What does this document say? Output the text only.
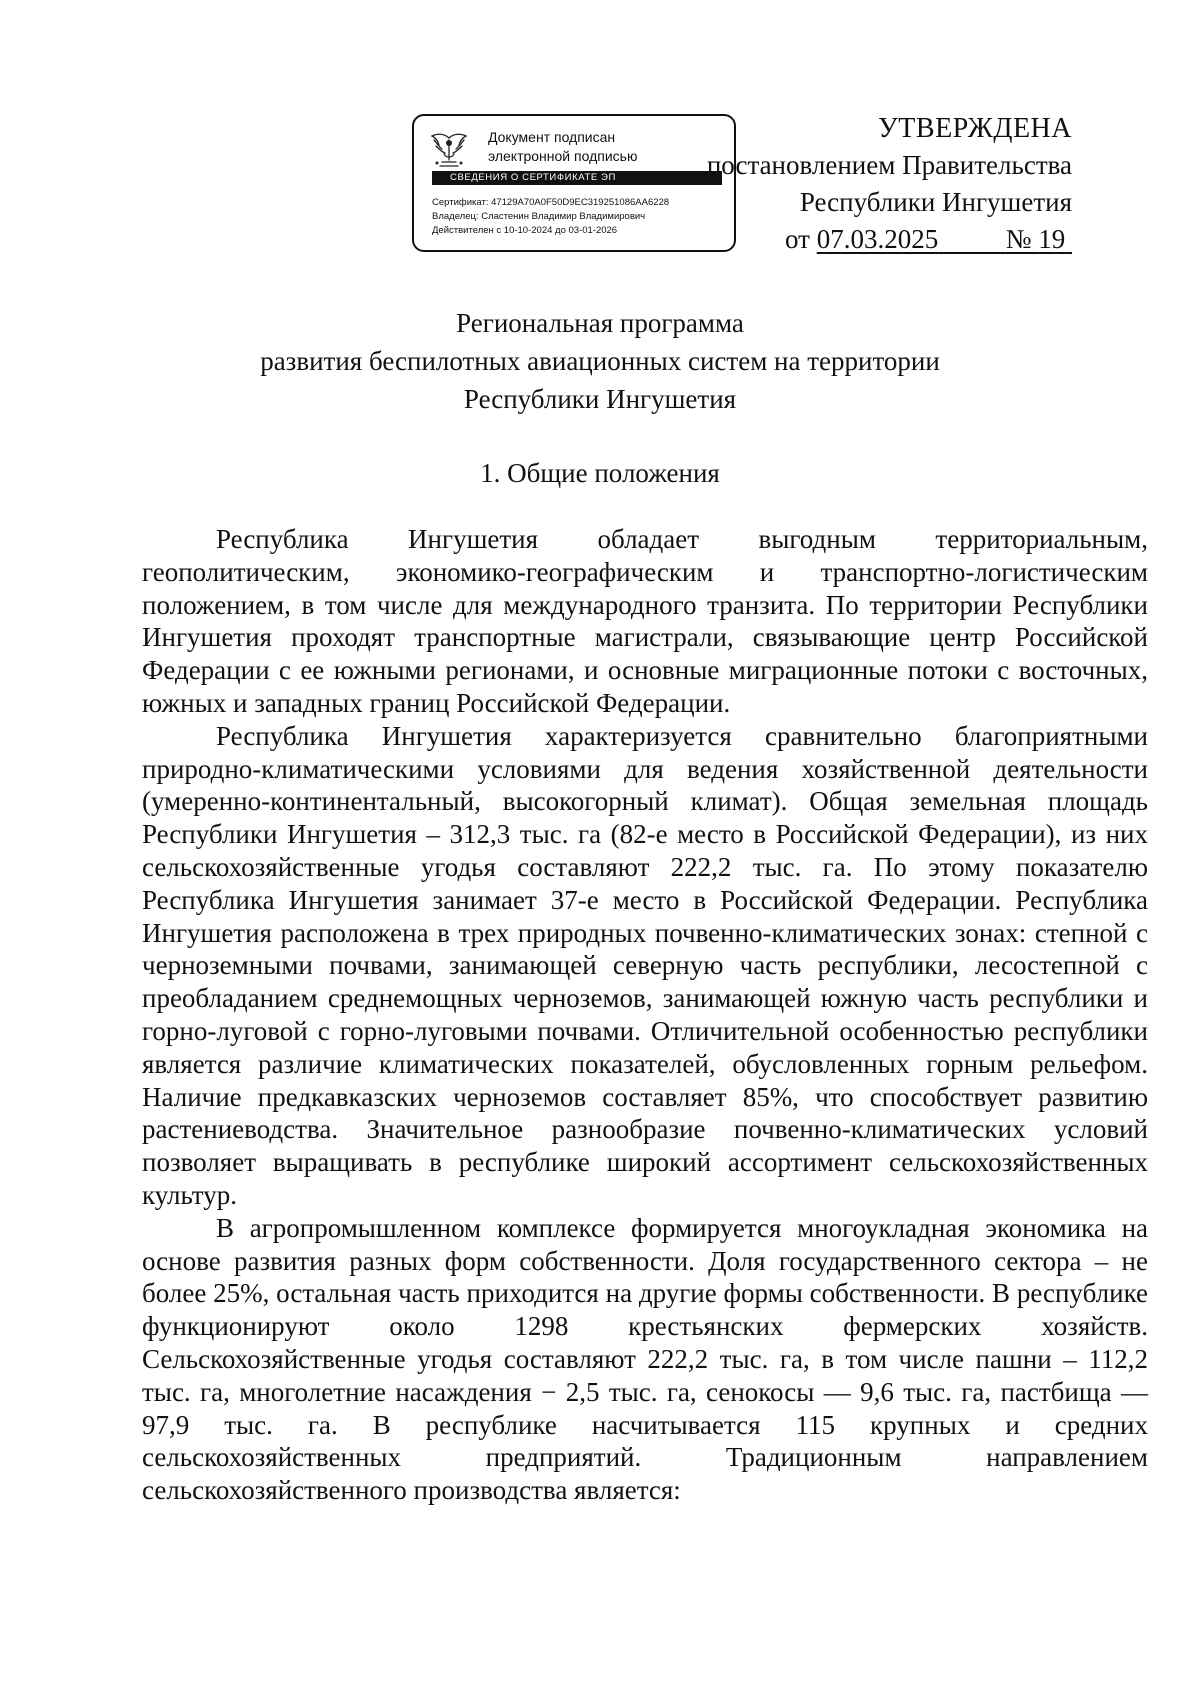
Документ подписан
электронной подписью
СВЕДЕНИЯ О СЕРТИФИКАТЕ ЭП
Сертификат: 47129A70A0F50D9EC319251086AA6228
Владелец: Сластенин Владимир Владимирович
Действителен с 10-10-2024 до 03-01-2026
УТВЕРЖДЕНА
постановлением Правительства
Республики Ингушетия
от 07.03.2025	№ 19
Региональная программа
развития беспилотных авиационных систем на территории
Республики Ингушетия
1. Общие положения

Республика Ингушетия обладает выгодным территориальным, геополитическим, экономико-географическим и транспортно-логистическим положением, в том числе для международного транзита. По территории Республики Ингушетия проходят транспортные магистрали, связывающие центр Российской Федерации с ее южными регионами, и основные миграционные потоки с восточных, южных и западных границ Российской Федерации.

Республика Ингушетия характеризуется сравнительно благоприятными природно-климатическими условиями для ведения хозяйственной деятельности (умеренно-континентальный, высокогорный климат). Общая земельная площадь Республики Ингушетия – 312,3 тыс. га (82-е место в Российской Федерации), из них сельскохозяйственные угодья составляют 222,2 тыс. га. По этому показателю Республика Ингушетия занимает 37-е место в Российской Федерации. Республика Ингушетия расположена в трех природных почвенно-климатических зонах: степной с черноземными почвами, занимающей северную часть республики, лесостепной с преобладанием среднемощных черноземов, занимающей южную часть республики и горно-луговой с горно-луговыми почвами. Отличительной особенностью республики является различие климатических показателей, обусловленных горным рельефом. Наличие предкавказских черноземов составляет 85%, что способствует развитию растениеводства. Значительное разнообразие почвенно-климатических условий позволяет выращивать в республике широкий ассортимент сельскохозяйственных культур.

В агропромышленном комплексе формируется многоукладная экономика на основе развития разных форм собственности. Доля государственного сектора – не более 25%, остальная часть приходится на другие формы собственности. В республике функционируют около 1298 крестьянских фермерских хозяйств. Сельскохозяйственные угодья составляют 222,2 тыс. га, в том числе пашни – 112,2 тыс. га, многолетние насаждения − 2,5 тыс. га, сенокосы — 9,6 тыс. га, пастбища — 97,9 тыс. га. В республике насчитывается 115 крупных и средних сельскохозяйственных предприятий. Традиционным направлением сельскохозяйственного производства является:
